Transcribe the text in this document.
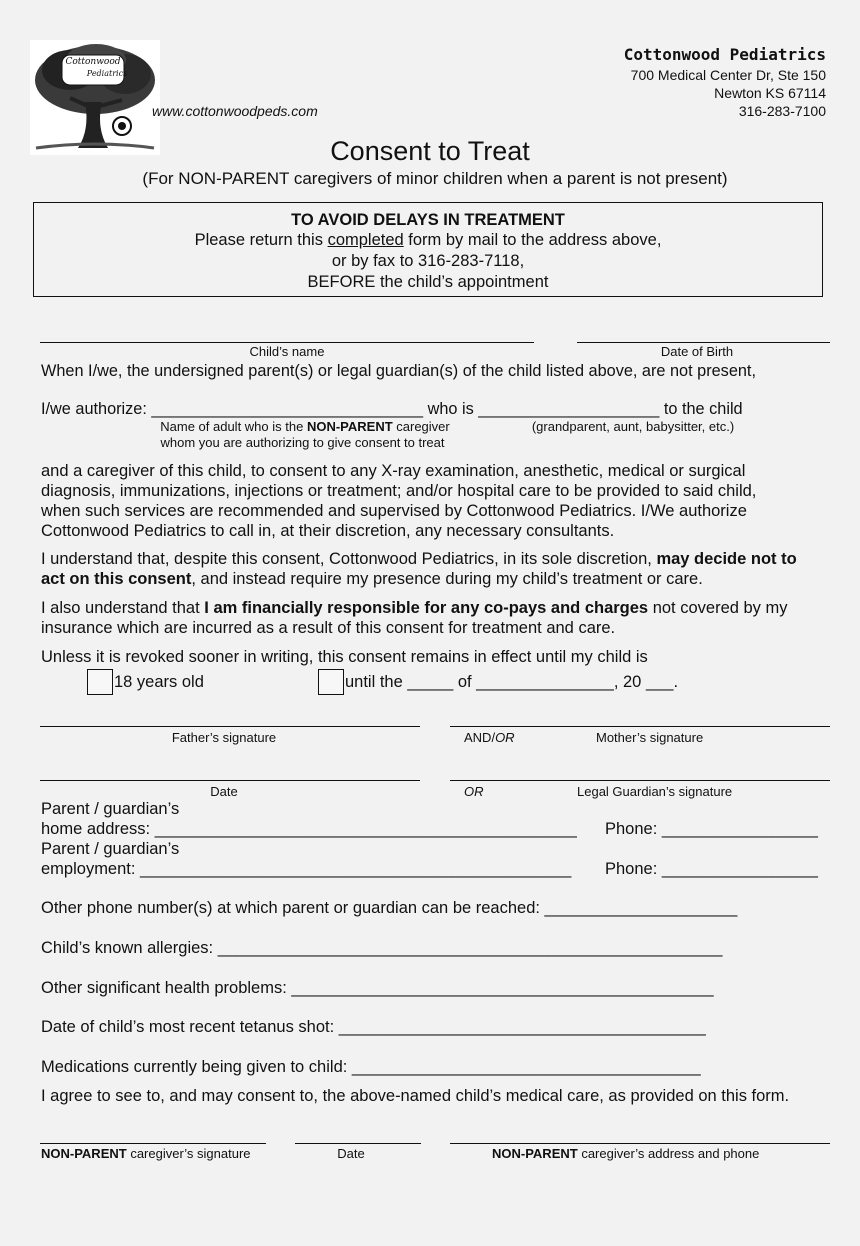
Cottonwood
Pediatrics
www.cottonwoodpeds.com
Cottonwood Pediatrics
700 Medical Center Dr, Ste 150
Newton KS 67114
316-283-7100
Consent to Treat
(For NON-PARENT caregivers of minor children when a parent is not present)
TO AVOID DELAYS IN TREATMENT
Please return this completed form by mail to the address above,
or by fax to 316-283-7118,
BEFORE the child’s appointment
Child’s name	Date of Birth
When I/we, the undersigned parent(s) or legal guardian(s) of the child listed above, are not present,
I/we authorize: ______________________________ who is ____________________ to the child
Name of adult who is the NON-PARENT caregiver
whom you are authorizing to give consent to treat
(grandparent, aunt, babysitter, etc.)
and a caregiver of this child, to consent to any X-ray examination, anesthetic, medical or surgical
diagnosis, immunizations, injections or treatment; and/or hospital care to be provided to said child,
when such services are recommended and supervised by Cottonwood Pediatrics. I/We authorize
Cottonwood Pediatrics to call in, at their discretion, any necessary consultants.
I understand that, despite this consent, Cottonwood Pediatrics, in its sole discretion, may decide not to
act on this consent, and instead require my presence during my child’s treatment or care.
I also understand that I am financially responsible for any co-pays and charges not covered by my
insurance which are incurred as a result of this consent for treatment and care.
Unless it is revoked sooner in writing, this consent remains in effect until my child is
18 years old	until the _____ of _______________, 20 ___.
Father’s signature	AND/OR	Mother’s signature
Date	OR	Legal Guardian’s signature
Parent / guardian’s
home address: ______________________________________________ Phone: _________________
Parent / guardian’s
employment: _______________________________________________ Phone: _________________
Other phone number(s) at which parent or guardian can be reached: _____________________
Child’s known allergies: _______________________________________________________
Other significant health problems: ______________________________________________
Date of child’s most recent tetanus shot: ________________________________________
Medications currently being given to child: ______________________________________
I agree to see to, and may consent to, the above-named child’s medical care, as provided on this form.
NON-PARENT caregiver’s signature	Date	NON-PARENT caregiver’s address and phone
